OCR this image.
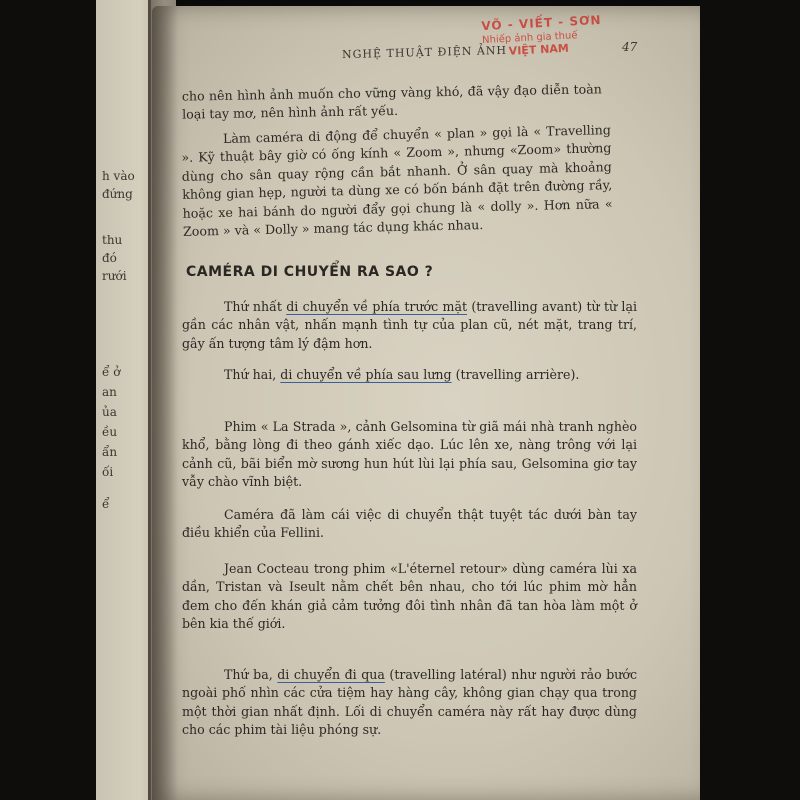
h vào
đứng
thu
đó
rưới
ể ở
an
ủa
ều
ẩn
ối
ể
NGHỆ THUẬT ĐIỆN ẢNH	47
VÕ - VIẾT - SƠN
Nhiếp ảnh gia thuế
VIỆT NAM

cho nên hình ảnh muốn cho vững vàng khó, đã vậy đạo diễn toàn loại tay mơ, nên hình ảnh rất yếu.

Làm caméra di động để chuyển « plan » gọi là « Travelling ». Kỹ thuật bây giờ có ống kính « Zoom », nhưng «Zoom» thường dùng cho sân quay rộng cần bắt nhanh. Ở sân quay mà khoảng không gian hẹp, người ta dùng xe có bốn bánh đặt trên đường rầy, hoặc xe hai bánh do người đẩy gọi chung là « dolly ». Hơn nữa « Zoom » và « Dolly » mang tác dụng khác nhau.

CAMÉRA DI CHUYỂN RA SAO ?

Thứ nhất di chuyển về phía trước mặt (travelling avant) từ từ lại gần các nhân vật, nhấn mạnh tình tự của plan cũ, nét mặt, trang trí, gây ấn tượng tâm lý đậm hơn.

Thứ hai, di chuyển về phía sau lưng (travelling arrière).

Phim « La Strada », cảnh Gelsomina từ giã mái nhà tranh nghèo khổ, bằng lòng đi theo gánh xiếc dạo. Lúc lên xe, nàng trông với lại cảnh cũ, bãi biển mờ sương hun hút lùi lại phía sau, Gelsomina giơ tay vẫy chào vĩnh biệt.

Caméra đã làm cái việc di chuyển thật tuyệt tác dưới bàn tay điều khiển của Fellini.

Jean Cocteau trong phim «L'éternel retour» dùng caméra lùi xa dần, Tristan và Iseult nằm chết bên nhau, cho tới lúc phim mờ hẳn đem cho đến khán giả cảm tưởng đôi tình nhân đã tan hòa làm một ở bên kia thế giới.

Thứ ba, di chuyển đi qua (travelling latéral) như người rảo bước ngoài phố nhìn các cửa tiệm hay hàng cây, không gian chạy qua trong một thời gian nhất định. Lối di chuyển caméra này rất hay được dùng cho các phim tài liệu phóng sự.
